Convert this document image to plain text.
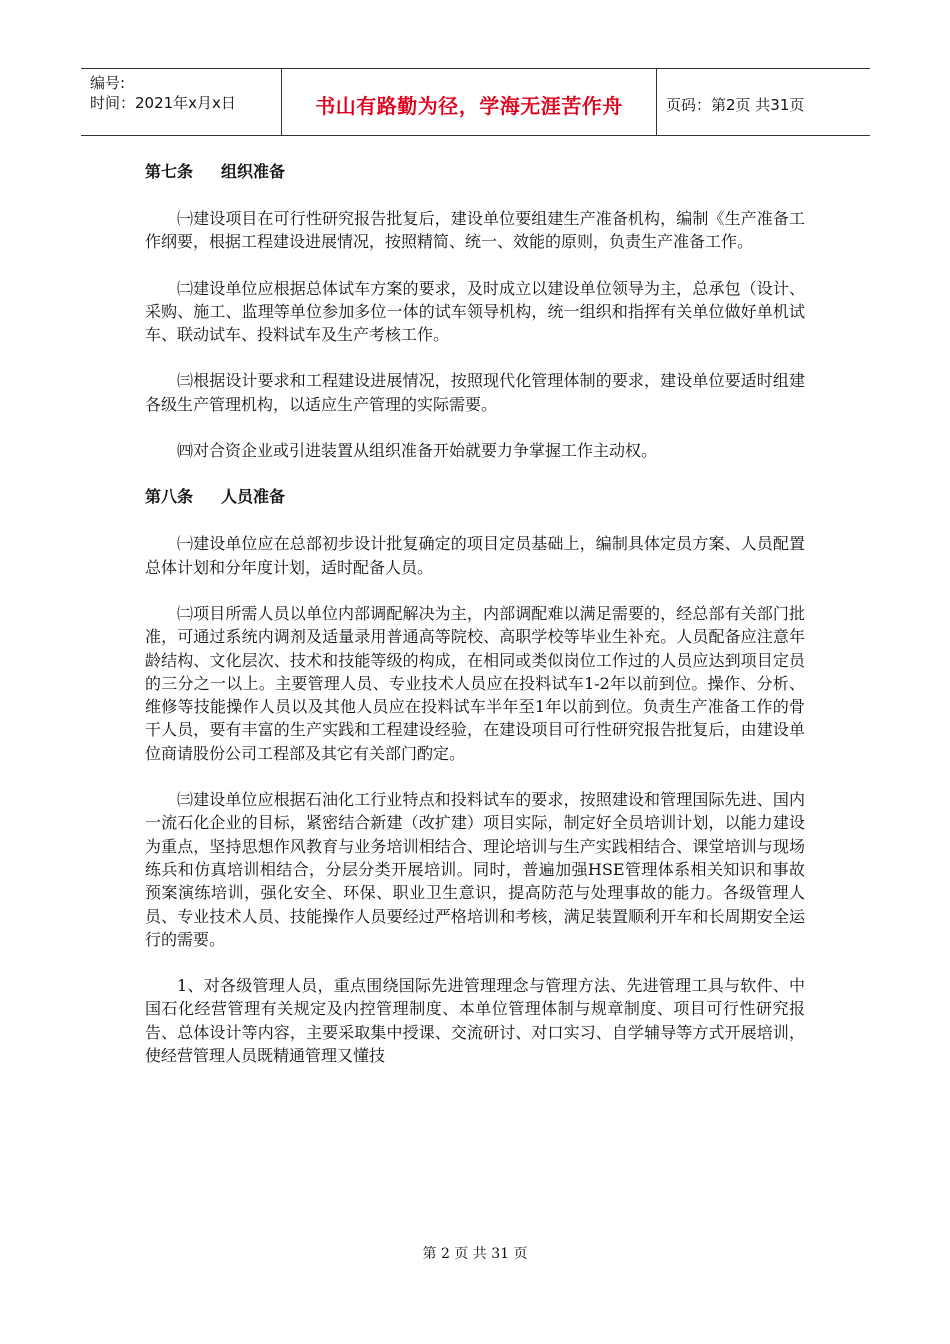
编号:
时间：2021年x月x日	书山有路勤为径，学海无涯苦作舟	页码：第2页 共31页
第七条 组织准备

㈠建设项目在可行性研究报告批复后，建设单位要组建生产准备机构，编制《生产准备工作纲要，根据工程建设进展情况，按照精简、统一、效能的原则，负责生产准备工作。

㈡建设单位应根据总体试车方案的要求，及时成立以建设单位领导为主，总承包（设计、采购、施工、监理等单位参加多位一体的试车领导机构，统一组织和指挥有关单位做好单机试车、联动试车、投料试车及生产考核工作。

㈢根据设计要求和工程建设进展情况，按照现代化管理体制的要求，建设单位要适时组建各级生产管理机构，以适应生产管理的实际需要。

㈣对合资企业或引进装置从组织准备开始就要力争掌握工作主动权。

第八条 人员准备

㈠建设单位应在总部初步设计批复确定的项目定员基础上，编制具体定员方案、人员配置总体计划和分年度计划，适时配备人员。

㈡项目所需人员以单位内部调配解决为主，内部调配难以满足需要的，经总部有关部门批准，可通过系统内调剂及适量录用普通高等院校、高职学校等毕业生补充。人员配备应注意年龄结构、文化层次、技术和技能等级的构成，在相同或类似岗位工作过的人员应达到项目定员的三分之一以上。主要管理人员、专业技术人员应在投料试车1-2年以前到位。操作、分析、维修等技能操作人员以及其他人员应在投料试车半年至1年以前到位。负责生产准备工作的骨干人员，要有丰富的生产实践和工程建设经验，在建设项目可行性研究报告批复后，由建设单位商请股份公司工程部及其它有关部门酌定。

㈢建设单位应根据石油化工行业特点和投料试车的要求，按照建设和管理国际先进、国内一流石化企业的目标，紧密结合新建（改扩建）项目实际，制定好全员培训计划，以能力建设为重点，坚持思想作风教育与业务培训相结合、理论培训与生产实践相结合、课堂培训与现场练兵和仿真培训相结合，分层分类开展培训。同时，普遍加强HSE管理体系相关知识和事故预案演练培训，强化安全、环保、职业卫生意识，提高防范与处理事故的能力。各级管理人员、专业技术人员、技能操作人员要经过严格培训和考核，满足装置顺利开车和长周期安全运行的需要。

1、对各级管理人员，重点围绕国际先进管理理念与管理方法、先进管理工具与软件、中国石化经营管理有关规定及内控管理制度、本单位管理体制与规章制度、项目可行性研究报告、总体设计等内容，主要采取集中授课、交流研讨、对口实习、自学辅导等方式开展培训，使经营管理人员既精通管理又懂技

第 2 页 共 31 页
